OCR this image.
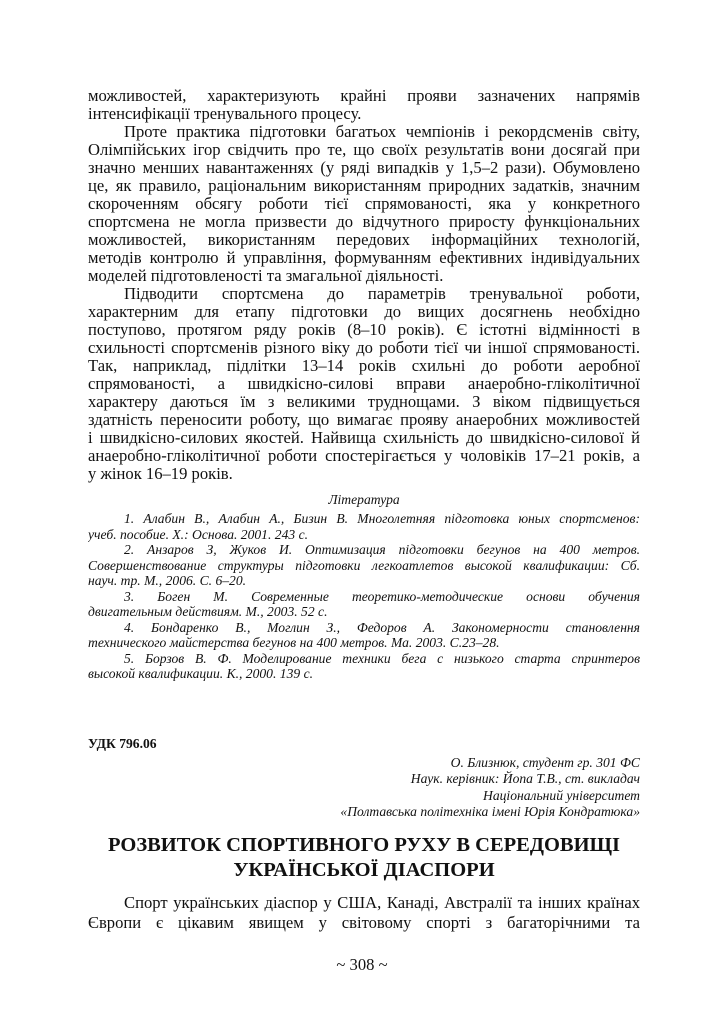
можливостей, характеризують крайні прояви зазначених напрямів
інтенсифікації тренувального процесу.
Проте практика підготовки багатьох чемпіонів і рекордсменів світу,
Олімпійських ігор свідчить про те, що своїх результатів вони досягай при
значно менших навантаженнях (у ряді випадків у 1,5–2 рази). Обумовлено
це, як правило, раціональним використанням природних задатків, значним
скороченням обсягу роботи тієї спрямованості, яка у конкретного
спортсмена не могла призвести до відчутного приросту функціональних
можливостей, використанням передових інформаційних технологій,
методів контролю й управління, формуванням ефективних індивідуальних
моделей підготовленості та змагальної діяльності.
Підводити спортсмена до параметрів тренувальної роботи,
характерним для етапу підготовки до вищих досягнень необхідно
поступово, протягом ряду років (8–10 років). Є істотні відмінності в
схильності спортсменів різного віку до роботи тієї чи іншої спрямованості.
Так, наприклад, підлітки 13–14 років схильні до роботи аеробної
спрямованості, а швидкісно-силові вправи анаеробно-гліколітичної
характеру даються їм з великими труднощами. З віком підвищується
здатність переносити роботу, що вимагає прояву анаеробних можливостей
і швидкісно-силових якостей. Найвища схильність до швидкісно-силової й
анаеробно-гліколітичної роботи спостерігається у чоловіків 17–21 років, а
у жінок 16–19 років.
Література
1. Алабин В., Алабин А., Бизин В. Многолетняя підготовка юных спортсменов:
учеб. пособие. Х.: Основа. 2001. 243 с.
2. Анзаров З, Жуков И. Оптимизация підготовки бегунов на 400 метров.
Совершенствование структуры підготовки легкоатлетов высокой квалификации: Сб.
науч. тр. М., 2006. С. 6–20.
3. Боген М. Современные теоретико-методические основи обучения
двигательным действиям. М., 2003. 52 с.
4. Бондаренко В., Моглин З., Федоров А. Закономерности становлення
технического майстерства бегунов на 400 метров. Ма. 2003. С.23–28.
5. Борзов В. Ф. Моделирование техники бега с низького старта спринтеров
высокой квалификации. К., 2000. 139 с.
УДК 796.06
О. Близнюк, студент гр. 301 ФС
Наук. керівник: Йопа Т.В., ст. викладач
Національний університет
«Полтавська політехніка імені Юрія Кондратюка»
РОЗВИТОК СПОРТИВНОГО РУХУ В СЕРЕДОВИЩІ
УКРАЇНСЬКОЇ ДІАСПОРИ
Спорт українських діаспор у США, Канаді, Австралії та інших країнах
Європи є цікавим явищем у світовому спорті з багаторічними та
~ 308 ~
